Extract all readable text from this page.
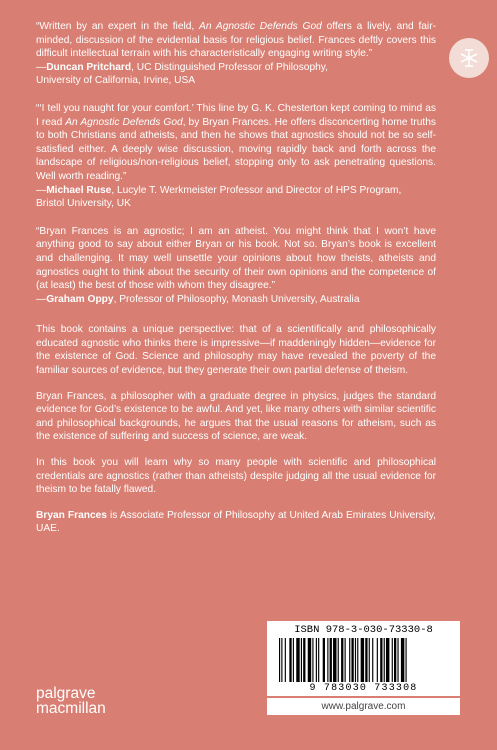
“Written by an expert in the field, An Agnostic Defends God offers a lively, and fair-minded, discussion of the evidential basis for religious belief. Frances deftly covers this difficult intellectual terrain with his characteristically engaging writing style.”

—Duncan Pritchard, UC Distinguished Professor of Philosophy,

University of California, Irvine, USA

“‘I tell you naught for your comfort.’ This line by G. K. Chesterton kept coming to mind as I read An Agnostic Defends God, by Bryan Frances. He offers disconcerting home truths to both Christians and atheists, and then he shows that agnostics should not be so self-satisfied either. A deeply wise discussion, moving rapidly back and forth across the landscape of religious/non-religious belief, stopping only to ask penetrating questions. Well worth reading.”

—Michael Ruse, Lucyle T. Werkmeister Professor and Director of HPS Program,

Bristol University, UK

“Bryan Frances is an agnostic; I am an atheist. You might think that I won’t have anything good to say about either Bryan or his book. Not so. Bryan’s book is excellent and challenging. It may well unsettle your opinions about how theists, atheists and agnostics ought to think about the security of their own opinions and the competence of (at least) the best of those with whom they disagree.”

—Graham Oppy, Professor of Philosophy, Monash University, Australia

This book contains a unique perspective: that of a scientifically and philosophically educated agnostic who thinks there is impressive—if maddeningly hidden—evidence for the existence of God. Science and philosophy may have revealed the poverty of the familiar sources of evidence, but they generate their own partial defense of theism.

Bryan Frances, a philosopher with a graduate degree in physics, judges the standard evidence for God’s existence to be awful. And yet, like many others with similar scientific and philosophical backgrounds, he argues that the usual reasons for atheism, such as the existence of suffering and success of science, are weak.

In this book you will learn why so many people with scientific and philosophical credentials are agnostics (rather than atheists) despite judging all the usual evidence for theism to be fatally flawed.

Bryan Frances is Associate Professor of Philosophy at United Arab Emirates University, UAE.

ISBN 978-3-030-73330-8
9 783030 733308
www.palgrave.com
palgrave
macmillan
